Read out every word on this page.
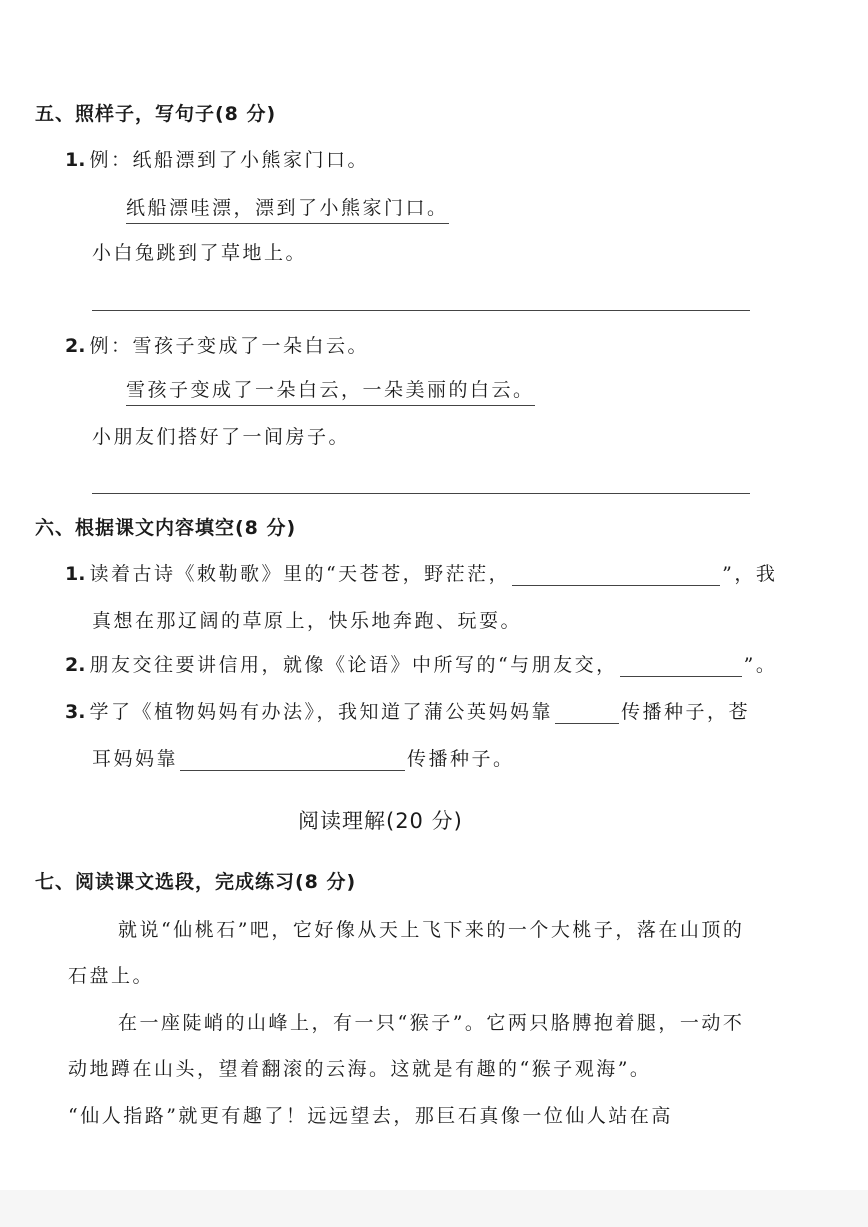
五、照样子，写句子(8 分)
1. 例：纸船漂到了小熊家门口。
纸船漂哇漂，漂到了小熊家门口。
小白兔跳到了草地上。
2. 例：雪孩子变成了一朵白云。
雪孩子变成了一朵白云，一朵美丽的白云。
小朋友们搭好了一间房子。
六、根据课文内容填空(8 分)
1. 读着古诗《敕勒歌》里的“天苍苍，野茫茫，	”，我
真想在那辽阔的草原上，快乐地奔跑、玩耍。
2. 朋友交往要讲信用，就像《论语》中所写的“与朋友交，	”。
3. 学了《植物妈妈有办法》，我知道了蒲公英妈妈靠	传播种子，苍
耳妈妈靠	传播种子。
阅读理解(20 分)
七、阅读课文选段，完成练习(8 分)
就说“仙桃石”吧，它好像从天上飞下来的一个大桃子，落在山顶的
石盘上。
在一座陡峭的山峰上，有一只“猴子”。它两只胳膊抱着腿，一动不
动地蹲在山头，望着翻滚的云海。这就是有趣的“猴子观海”。
“仙人指路”就更有趣了！远远望去，那巨石真像一位仙人站在高
